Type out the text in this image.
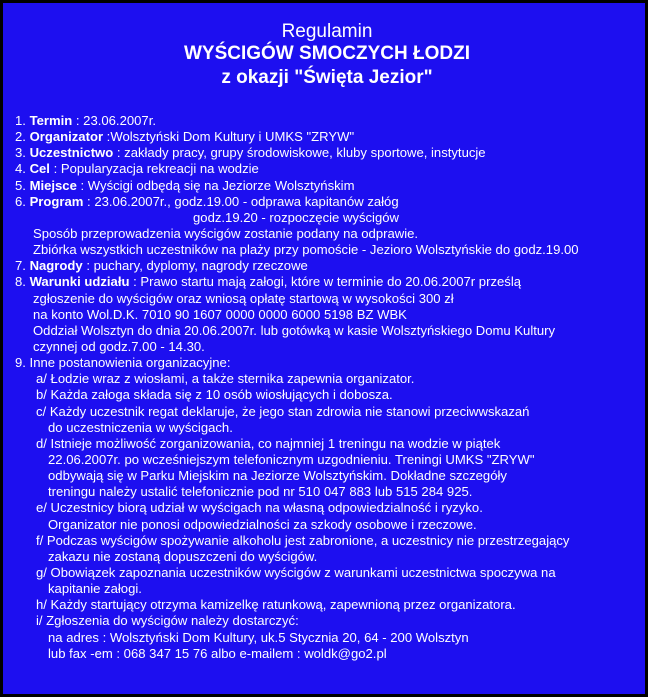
Regulamin
WYŚCIGÓW SMOCZYCH ŁODZI
z okazji "Święta Jezior"
1. Termin : 23.06.2007r.
2. Organizator :Wolsztyński Dom Kultury i UMKS "ZRYW"
3. Uczestnictwo : zakłady pracy, grupy środowiskowe, kluby sportowe, instytucje
4. Cel : Popularyzacja rekreacji na wodzie
5. Miejsce : Wyścigi odbędą się na Jeziorze Wolsztyńskim
6. Program : 23.06.2007r., godz.19.00 - odprawa kapitanów załóg
godz.19.20 - rozpoczęcie wyścigów
Sposób przeprowadzenia wyścigów zostanie podany na odprawie.
Zbiórka wszystkich uczestników na plaży przy pomoście - Jezioro Wolsztyńskie do godz.19.00
7. Nagrody : puchary, dyplomy, nagrody rzeczowe
8. Warunki udziału : Prawo startu mają załogi, które w terminie do 20.06.2007r prześlą
zgłoszenie do wyścigów oraz wniosą opłatę startową w wysokości 300 zł
na konto Wol.D.K. 7010 90 1607 0000 0000 6000 5198 BZ WBK
Oddział Wolsztyn do dnia 20.06.2007r. lub gotówką w kasie Wolsztyńskiego Domu Kultury
czynnej od godz.7.00 - 14.30.
9. Inne postanowienia organizacyjne:
a/ Łodzie wraz z wiosłami, a także sternika zapewnia organizator.
b/ Każda załoga składa się z 10 osób wiosłujących i dobosza.
c/ Każdy uczestnik regat deklaruje, że jego stan zdrowia nie stanowi przeciwwskazań
do uczestniczenia w wyścigach.
d/ Istnieje możliwość zorganizowania, co najmniej 1 treningu na wodzie w piątek
22.06.2007r. po wcześniejszym telefonicznym uzgodnieniu. Treningi UMKS "ZRYW"
odbywają się w Parku Miejskim na Jeziorze Wolsztyńskim. Dokładne szczegóły
treningu należy ustalić telefonicznie pod nr 510 047 883 lub 515 284 925.
e/ Uczestnicy biorą udział w wyścigach na własną odpowiedzialność i ryzyko.
Organizator nie ponosi odpowiedzialności za szkody osobowe i rzeczowe.
f/ Podczas wyścigów spożywanie alkoholu jest zabronione, a uczestnicy nie przestrzegający
zakazu nie zostaną dopuszczeni do wyścigów.
g/ Obowiązek zapoznania uczestników wyścigów z warunkami uczestnictwa spoczywa na
kapitanie załogi.
h/ Każdy startujący otrzyma kamizelkę ratunkową, zapewnioną przez organizatora.
i/ Zgłoszenia do wyścigów należy dostarczyć:
na adres : Wolsztyński Dom Kultury, uk.5 Stycznia 20, 64 - 200 Wolsztyn
lub fax -em : 068 347 15 76 albo e-mailem : woldk@go2.pl
